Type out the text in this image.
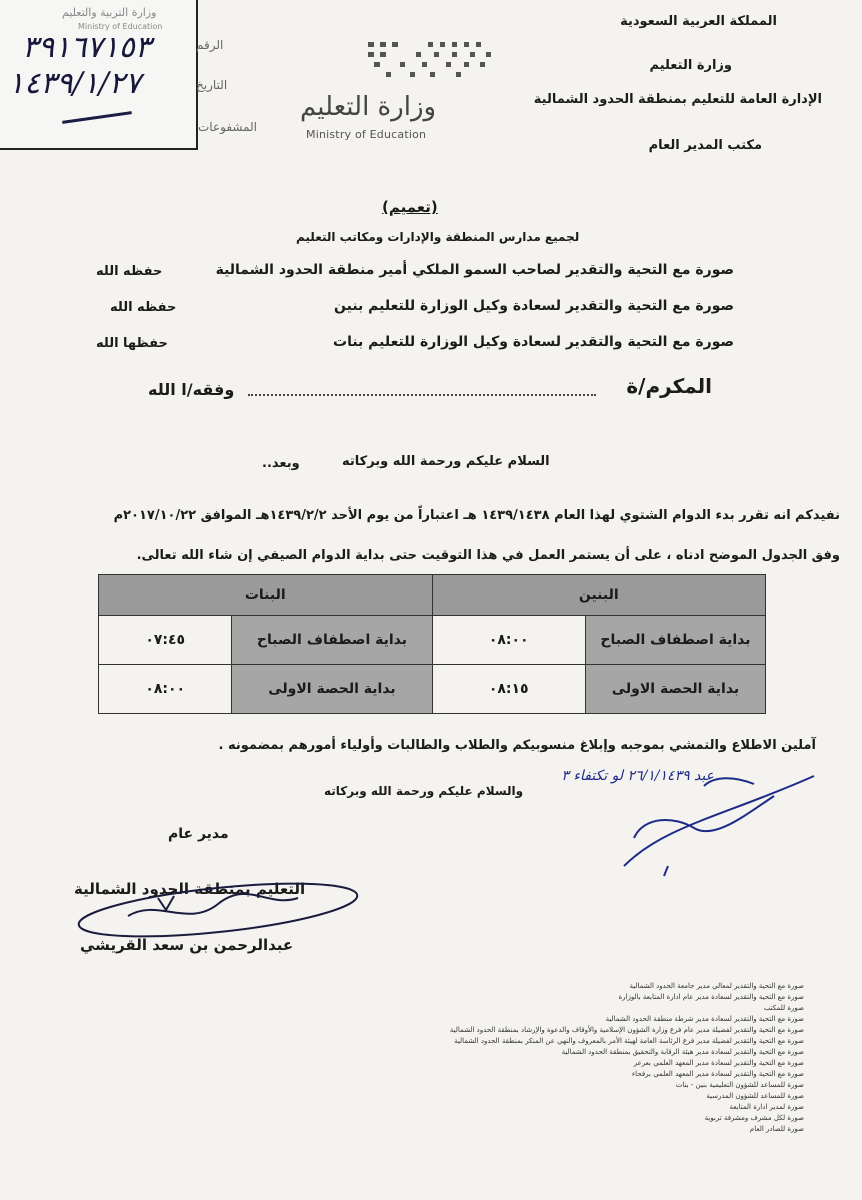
وزارة التربية والتعليم
Ministry of Education
٣٩١٦٧١٥٣
١٤٣٩/١/٢٧
الرقم
التاريخ
المشفوعات
وزارة التعليم
Ministry of Education
المملكة العربية السعودية
وزارة التعليم
الإدارة العامة للتعليم بمنطقة الحدود الشمالية
مكتب المدير العام
(تعميم)
لجميع مدارس المنطقة والإدارات ومكاتب التعليم
صورة مع التحية والتقدير لصاحب السمو الملكي أمير منطقة الحدود الشمالية
حفظه الله
صورة مع التحية والتقدير لسعادة وكيل الوزارة للتعليم بنين
حفظه الله
صورة مع التحية والتقدير لسعادة وكيل الوزارة للتعليم بنات
حفظها الله
المكرم/ة
وفقه/ا الله
السلام عليكم ورحمة الله وبركاته
وبعد..
نفيدكم انه تقرر بدء الدوام الشتوي لهذا العام ١٤٣٩/١٤٣٨ هـ اعتباراً من يوم الأحد ١٤٣٩/٢/٢هـ الموافق ٢٠١٧/١٠/٢٢م
وفق الجدول الموضح ادناه ، على أن يستمر العمل في هذا التوقيت حتى بداية الدوام الصيفي إن شاء الله تعالى.
البنين		البنات	
بداية اصطفاف الصباح	٠٨:٠٠	بداية اصطفاف الصباح	٠٧:٤٥
بداية الحصة الاولى	٠٨:١٥	بداية الحصة الاولى	٠٨:٠٠
آملين الاطلاع والتمشي بموجبه وإبلاغ منسوبيكم والطلاب والطالبات وأولياء أمورهم بمضمونه .
والسلام عليكم ورحمة الله وبركاته
عبد ٢٦/١/١٤٣٩ لو تكتفاء ٣
مدير عام
التعليم بمنطقة الحدود الشمالية
عبدالرحمن بن سعد القريشي
صورة مع التحية والتقدير لمعالي مدير جامعة الحدود الشمالية
صورة مع التحية والتقدير لسعادة مدير عام ادارة المتابعة بالوزارة
صورة للمكتب
صورة مع التحية والتقدير لسعادة مدير شرطة منطقة الحدود الشمالية
صورة مع التحية والتقدير لفضيلة مدير عام فرع وزارة الشؤون الإسلامية والأوقاف والدعوة والإرشاد بمنطقة الحدود الشمالية
صورة مع التحية والتقدير لفضيلة مدير فرع الرئاسة العامة لهيئة الأمر بالمعروف والنهي عن المنكر بمنطقة الحدود الشمالية
صورة مع التحية والتقدير لسعادة مدير هيئة الرقابة والتحقيق بمنطقة الحدود الشمالية
صورة مع التحية والتقدير لسعادة مدير المعهد العلمي بعرعر
صورة مع التحية والتقدير لسعادة مدير المعهد العلمي برفحاء
صورة للمساعد للشؤون التعليمية بنين - بنات
صورة للمساعد للشؤون المدرسية
صورة لمدير ادارة المتابعة
صورة لكل مشرف ومشرفة تربوية
صورة للصادر العام
